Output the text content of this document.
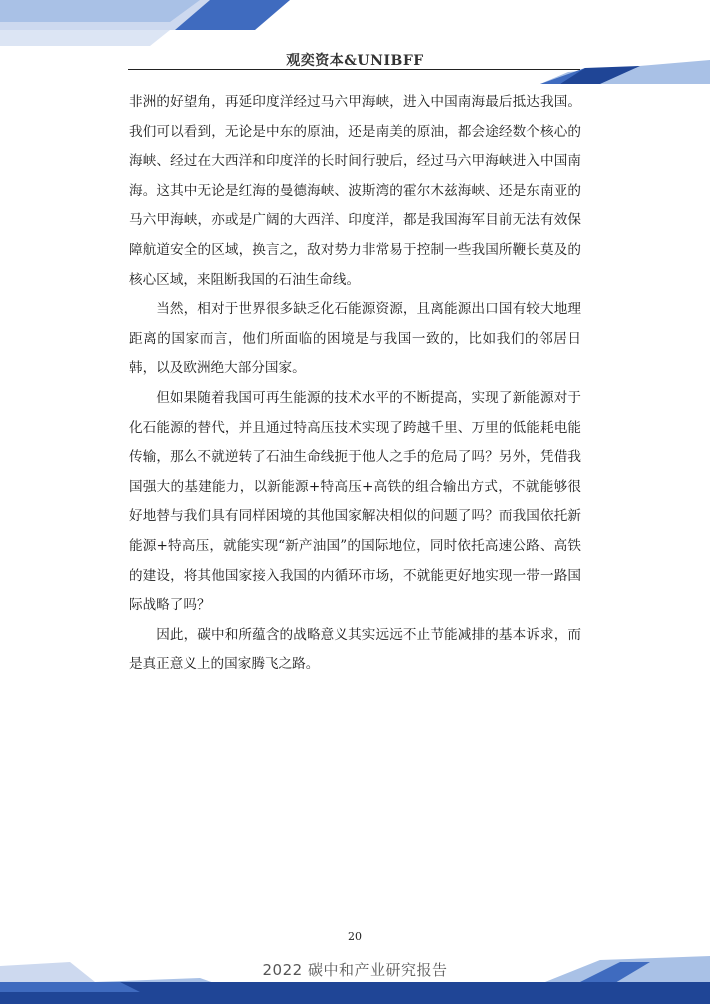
观奕资本&UNIBFF

非洲的好望角，再延印度洋经过马六甲海峡，进入中国南海最后抵达我国。我们可以看到，无论是中东的原油，还是南美的原油，都会途经数个核心的海峡、经过在大西洋和印度洋的长时间行驶后，经过马六甲海峡进入中国南海。这其中无论是红海的曼德海峡、波斯湾的霍尔木兹海峡、还是东南亚的马六甲海峡，亦或是广阔的大西洋、印度洋，都是我国海军目前无法有效保障航道安全的区域，换言之，敌对势力非常易于控制一些我国所鞭长莫及的核心区域，来阻断我国的石油生命线。

当然，相对于世界很多缺乏化石能源资源，且离能源出口国有较大地理距离的国家而言，他们所面临的困境是与我国一致的，比如我们的邻居日韩，以及欧洲绝大部分国家。

但如果随着我国可再生能源的技术水平的不断提高，实现了新能源对于化石能源的替代，并且通过特高压技术实现了跨越千里、万里的低能耗电能传输，那么不就逆转了石油生命线扼于他人之手的危局了吗？另外，凭借我国强大的基建能力，以新能源+特高压+高铁的组合输出方式，不就能够很好地替与我们具有同样困境的其他国家解决相似的问题了吗？而我国依托新能源+特高压，就能实现“新产油国”的国际地位，同时依托高速公路、高铁的建设，将其他国家接入我国的内循环市场，不就能更好地实现一带一路国际战略了吗？

因此，碳中和所蕴含的战略意义其实远远不止节能减排的基本诉求，而是真正意义上的国家腾飞之路。

20
2022 碳中和产业研究报告
